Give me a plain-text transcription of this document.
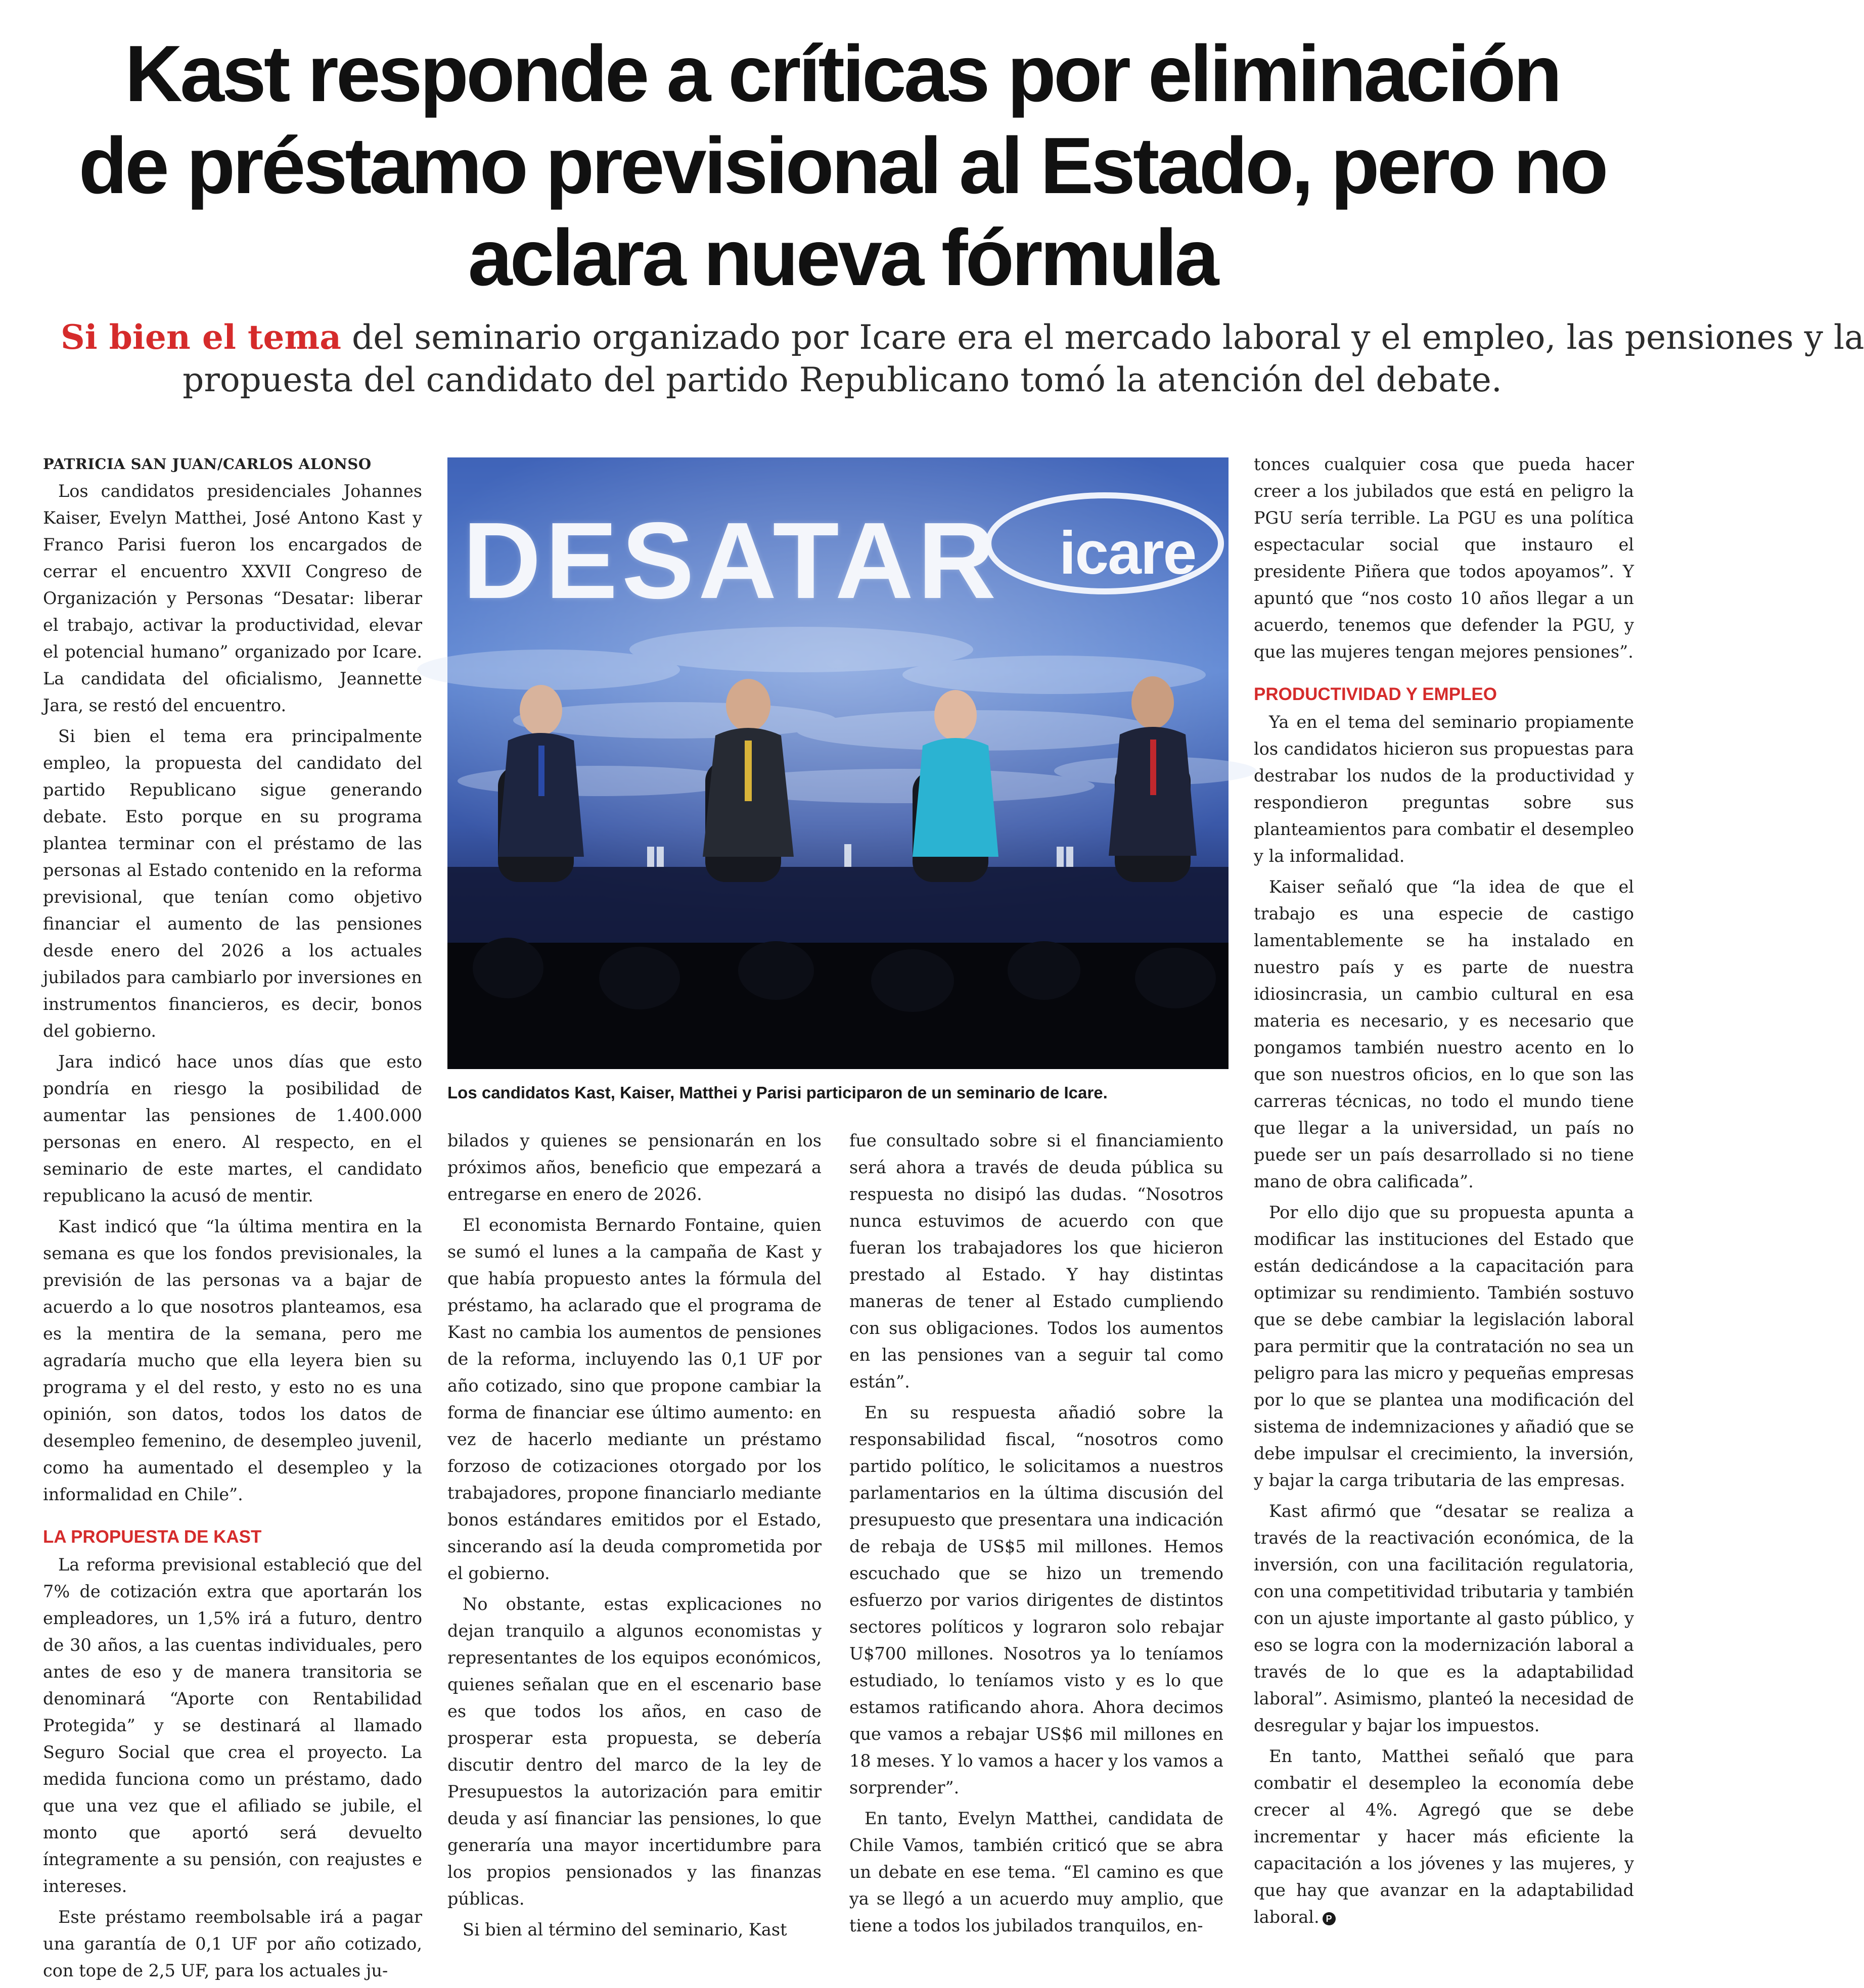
Kast responde a críticas por eliminación
de préstamo previsional al Estado, pero no
aclara nueva fórmula
Si bien el tema del seminario organizado por Icare era el mercado laboral y el empleo, las pensiones y la
propuesta del candidato del partido Republicano tomó la atención del debate.

PATRICIA SAN JUAN/CARLOS ALONSO

Los candidatos presidenciales Johannes Kaiser, Evelyn Matthei, José Antono Kast y Franco Parisi fueron los encargados de cerrar el encuentro XXVII Congreso de Organización y Personas “Desatar: liberar el trabajo, activar la productividad, elevar el potencial humano” organizado por Icare. La candidata del oficialismo, Jeannette Jara, se restó del encuentro.

Si bien el tema era principalmente empleo, la propuesta del candidato del partido Republicano sigue generando debate. Esto porque en su programa plantea terminar con el préstamo de las personas al Estado contenido en la reforma previsional, que tenían como objetivo financiar el aumento de las pensiones desde enero del 2026 a los actuales jubilados para cambiarlo por inversiones en instrumentos financieros, es decir, bonos del gobierno.

Jara indicó hace unos días que esto pondría en riesgo la posibilidad de aumentar las pensiones de 1.400.000 personas en enero. Al respecto, en el seminario de este martes, el candidato republicano la acusó de mentir.

Kast indicó que “la última mentira en la semana es que los fondos previsionales, la previsión de las personas va a bajar de acuerdo a lo que nosotros planteamos, esa es la mentira de la semana, pero me agradaría mucho que ella leyera bien su programa y el del resto, y esto no es una opinión, son datos, todos los datos de desempleo femenino, de desempleo juvenil, como ha aumentado el desempleo y la informalidad en Chile”.

LA PROPUESTA DE KAST

La reforma previsional estableció que del 7% de cotización extra que aportarán los empleadores, un 1,5% irá a futuro, dentro de 30 años, a las cuentas individuales, pero antes de eso y de manera transitoria se denominará “Aporte con Rentabilidad Protegida” y se destinará al llamado Seguro Social que crea el proyecto. La medida funciona como un préstamo, dado que una vez que el afiliado se jubile, el monto que aportó será devuelto íntegramente a su pensión, con reajustes e intereses.

Este préstamo reembolsable irá a pagar una garantía de 0,1 UF por año cotizado, con tope de 2,5 UF, para los actuales ju-

DESATAR icare
Los candidatos Kast, Kaiser, Matthei y Parisi participaron de un seminario de Icare.

bilados y quienes se pensionarán en los próximos años, beneficio que empezará a entregarse en enero de 2026.

El economista Bernardo Fontaine, quien se sumó el lunes a la campaña de Kast y que había propuesto antes la fórmula del préstamo, ha aclarado que el programa de Kast no cambia los aumentos de pensiones de la reforma, incluyendo las 0,1 UF por año cotizado, sino que propone cambiar la forma de financiar ese último aumento: en vez de hacerlo mediante un préstamo forzoso de cotizaciones otorgado por los trabajadores, propone financiarlo mediante bonos estándares emitidos por el Estado, sincerando así la deuda comprometida por el gobierno.

No obstante, estas explicaciones no dejan tranquilo a algunos economistas y representantes de los equipos económicos, quienes señalan que en el escenario base es que todos los años, en caso de prosperar esta propuesta, se debería discutir dentro del marco de la ley de Presupuestos la autorización para emitir deuda y así financiar las pensiones, lo que generaría una mayor incertidumbre para los propios pensionados y las finanzas públicas.

Si bien al término del seminario, Kast

fue consultado sobre si el financiamiento será ahora a través de deuda pública su respuesta no disipó las dudas. “Nosotros nunca estuvimos de acuerdo con que fueran los trabajadores los que hicieron prestado al Estado. Y hay distintas maneras de tener al Estado cumpliendo con sus obligaciones. Todos los aumentos en las pensiones van a seguir tal como están”.

En su respuesta añadió sobre la responsabilidad fiscal, “nosotros como partido político, le solicitamos a nuestros parlamentarios en la última discusión del presupuesto que presentara una indicación de rebaja de US$5 mil millones. Hemos escuchado que se hizo un tremendo esfuerzo por varios dirigentes de distintos sectores políticos y lograron solo rebajar U$700 millones. Nosotros ya lo teníamos estudiado, lo teníamos visto y es lo que estamos ratificando ahora. Ahora decimos que vamos a rebajar US$6 mil millones en 18 meses. Y lo vamos a hacer y los vamos a sorprender”.

En tanto, Evelyn Matthei, candidata de Chile Vamos, también criticó que se abra un debate en ese tema. “El camino es que ya se llegó a un acuerdo muy amplio, que tiene a todos los jubilados tranquilos, en-

tonces cualquier cosa que pueda hacer creer a los jubilados que está en peligro la PGU sería terrible. La PGU es una política espectacular social que instauro el presidente Piñera que todos apoyamos”. Y apuntó que “nos costo 10 años llegar a un acuerdo, tenemos que defender la PGU, y que las mujeres tengan mejores pensiones”.

PRODUCTIVIDAD Y EMPLEO

Ya en el tema del seminario propiamente los candidatos hicieron sus propuestas para destrabar los nudos de la productividad y respondieron preguntas sobre sus planteamientos para combatir el desempleo y la informalidad.

Kaiser señaló que “la idea de que el trabajo es una especie de castigo lamentablemente se ha instalado en nuestro país y es parte de nuestra idiosincrasia, un cambio cultural en esa materia es necesario, y es necesario que pongamos también nuestro acento en lo que son nuestros oficios, en lo que son las carreras técnicas, no todo el mundo tiene que llegar a la universidad, un país no puede ser un país desarrollado si no tiene mano de obra calificada”.

Por ello dijo que su propuesta apunta a modificar las instituciones del Estado que están dedicándose a la capacitación para optimizar su rendimiento. También sostuvo que se debe cambiar la legislación laboral para permitir que la contratación no sea un peligro para las micro y pequeñas empresas por lo que se plantea una modificación del sistema de indemnizaciones y añadió que se debe impulsar el crecimiento, la inversión, y bajar la carga tributaria de las empresas.

Kast afirmó que “desatar se realiza a través de la reactivación económica, de la inversión, con una facilitación regulatoria, con una competitividad tributaria y también con un ajuste importante al gasto público, y eso se logra con la modernización laboral a través de lo que es la adaptabilidad laboral”. Asimismo, planteó la necesidad de desregular y bajar los impuestos.

En tanto, Matthei señaló que para combatir el desempleo la economía debe crecer al 4%. Agregó que se debe incrementar y hacer más eficiente la capacitación a los jóvenes y las mujeres, y que hay que avanzar en la adaptabilidad laboral. P
